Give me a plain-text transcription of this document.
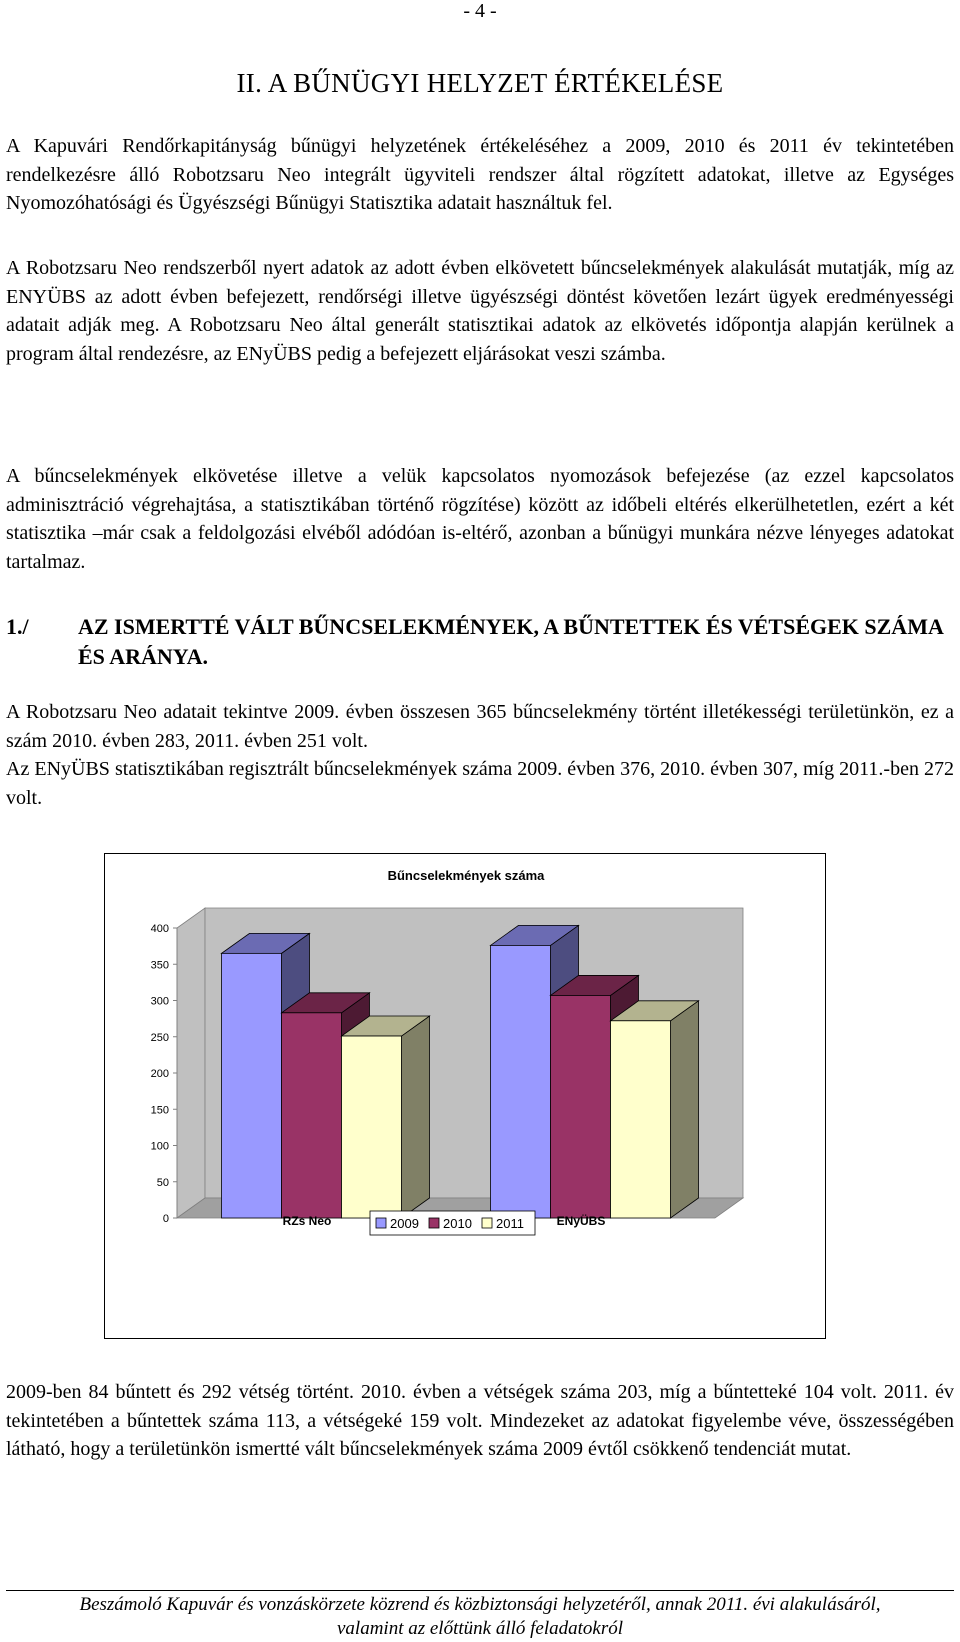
- 4 -
II. A BŰNÜGYI HELYZET ÉRTÉKELÉSE
A Kapuvári Rendőrkapitányság bűnügyi helyzetének értékeléséhez a 2009, 2010 és 2011 év tekintetében rendelkezésre álló Robotzsaru Neo integrált ügyviteli rendszer által rögzített adatokat, illetve az Egységes Nyomozóhatósági és Ügyészségi Bűnügyi Statisztika adatait használtuk fel.
A Robotzsaru Neo rendszerből nyert adatok az adott évben elkövetett bűncselekmények alakulását mutatják, míg az ENYÜBS az adott évben befejezett, rendőrségi illetve ügyészségi döntést követően lezárt ügyek eredményességi adatait adják meg. A Robotzsaru Neo által generált statisztikai adatok az elkövetés időpontja alapján kerülnek a program által rendezésre, az ENyÜBS pedig a befejezett eljárásokat veszi számba.
A bűncselekmények elkövetése illetve a velük kapcsolatos nyomozások befejezése (az ezzel kapcsolatos adminisztráció végrehajtása, a statisztikában történő rögzítése) között az időbeli eltérés elkerülhetetlen, ezért a két statisztika –már csak a feldolgozási elvéből adódóan is-eltérő, azonban a bűnügyi munkára nézve lényeges adatokat tartalmaz.
1./ AZ ISMERTTÉ VÁLT BŰNCSELEKMÉNYEK, A BŰNTETTEK ÉS VÉTSÉGEK SZÁMA ÉS ARÁNYA.
A Robotzsaru Neo adatait tekintve 2009. évben összesen 365 bűncselekmény történt illetékességi területünkön, ez a szám 2010. évben 283, 2011. évben 251 volt.
Az ENyÜBS statisztikában regisztrált bűncselekmények száma 2009. évben 376, 2010. évben 307, míg 2011.-ben 272 volt.
Bűncselekmények száma
0
50
100
150
200
250
300
350
400
RZs Neo	ENyÜBS
2009 2010 2011
2009-ben 84 bűntett és 292 vétség történt. 2010. évben a vétségek száma 203, míg a bűntetteké 104 volt. 2011. év tekintetében a bűntettek száma 113, a vétségeké 159 volt. Mindezeket az adatokat figyelembe véve, összességében látható, hogy a területünkön ismertté vált bűncselekmények száma 2009 évtől csökkenő tendenciát mutat.
Beszámoló Kapuvár és vonzáskörzete közrend és közbiztonsági helyzetéről, annak 2011. évi alakulásáról,
valamint az előttünk álló feladatokról
